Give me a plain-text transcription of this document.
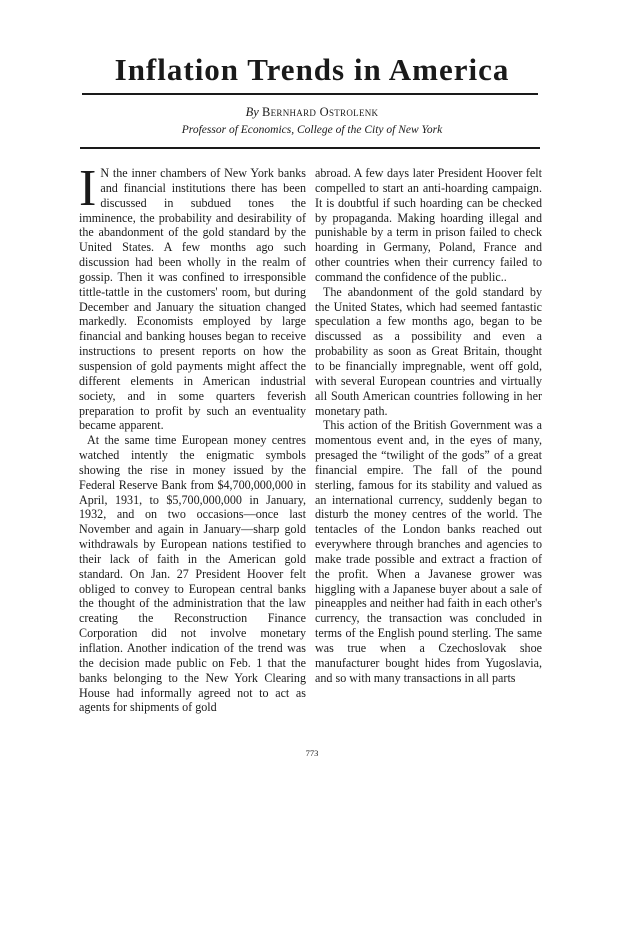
Inflation Trends in America
By Bernhard Ostrolenk
Professor of Economics, College of the City of New York

I N the inner chambers of New York banks and financial institutions there has been discussed in subdued tones the imminence, the probability and desirability of the abandonment of the gold standard by the United States. A few months ago such discussion had been wholly in the realm of gossip. Then it was confined to irresponsible tittle-tattle in the customers' room, but during December and January the situation changed markedly. Economists employed by large financial and banking houses began to receive instructions to present reports on how the suspension of gold payments might affect the different elements in American industrial society, and in some quarters feverish preparation to profit by such an eventuality became apparent.

At the same time European money centres watched intently the enigmatic symbols showing the rise in money issued by the Federal Reserve Bank from $4,700,000,000 in April, 1931, to $5,700,000,000 in January, 1932, and on two occasions—once last November and again in January—sharp gold withdrawals by European nations testified to their lack of faith in the American gold standard. On Jan. 27 President Hoover felt obliged to convey to European central banks the thought of the administration that the law creating the Reconstruction Finance Corporation did not involve monetary inflation. Another indication of the trend was the decision made public on Feb. 1 that the banks belonging to the New York Clearing House had informally agreed not to act as agents for shipments of gold

abroad. A few days later President Hoover felt compelled to start an anti-hoarding campaign. It is doubtful if such hoarding can be checked by propaganda. Making hoarding illegal and punishable by a term in prison failed to check hoarding in Germany, Poland, France and other countries when their currency failed to command the confidence of the public..

The abandonment of the gold standard by the United States, which had seemed fantastic speculation a few months ago, began to be discussed as a possibility and even a probability as soon as Great Britain, thought to be financially impregnable, went off gold, with several European countries and virtually all South American countries following in her monetary path.

This action of the British Government was a momentous event and, in the eyes of many, presaged the “twilight of the gods” of a great financial empire. The fall of the pound sterling, famous for its stability and valued as an international currency, suddenly began to disturb the money centres of the world. The tentacles of the London banks reached out everywhere through branches and agencies to make trade possible and extract a fraction of the profit. When a Javanese grower was higgling with a Japanese buyer about a sale of pineapples and neither had faith in each other's currency, the transaction was concluded in terms of the English pound sterling. The same was true when a Czechoslovak shoe manufacturer bought hides from Yugoslavia, and so with many transactions in all parts

773
